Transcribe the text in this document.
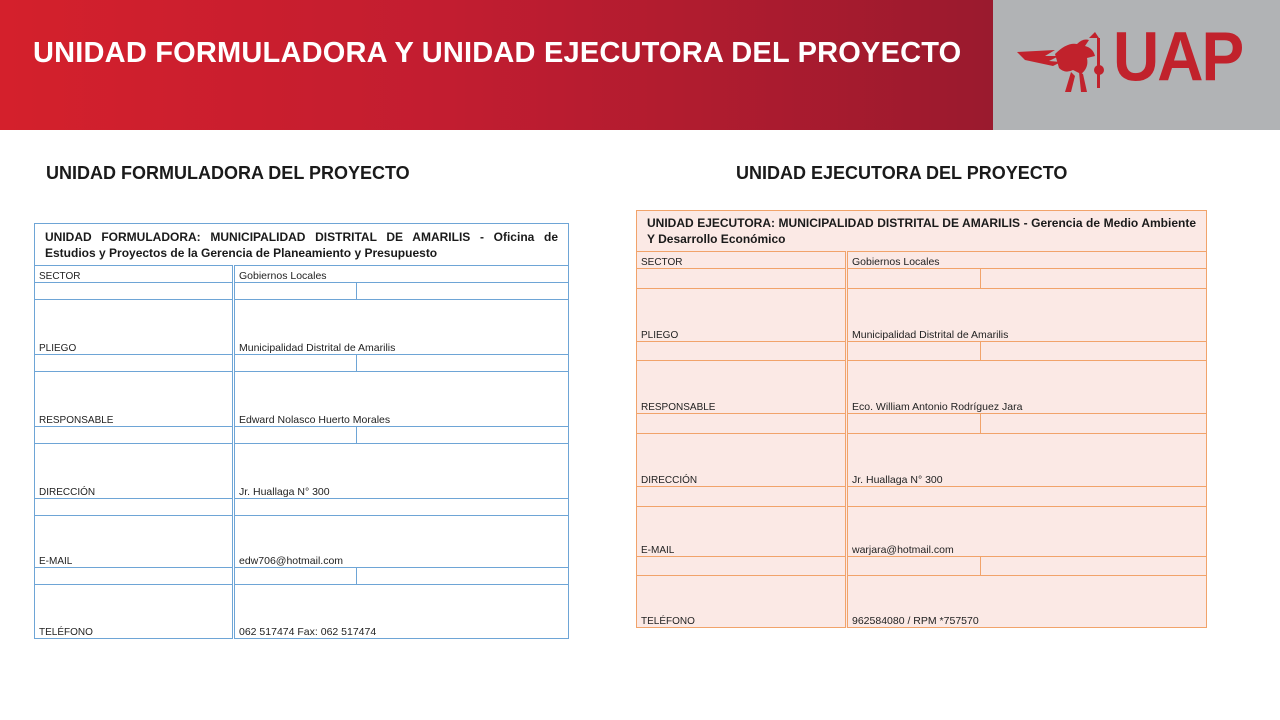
UAP
UNIDAD FORMULADORA Y UNIDAD EJECUTORA DEL PROYECTO
UNIDAD FORMULADORA DEL PROYECTO	UNIDAD EJECUTORA DEL PROYECTO
UNIDAD FORMULADORA: MUNICIPALIDAD DISTRITAL DE AMARILIS - Oficina de Estudios y Proyectos de la Gerencia de Planeamiento y Presupuesto		
SECTOR	Gobiernos Locales	

PLIEGO	Municipalidad Distrital de Amarilis	

RESPONSABLE	Edward Nolasco Huerto Morales	

DIRECCIÓN	Jr. Huallaga N° 300	

E-MAIL	edw706@hotmail.com	

TELÉFONO	062 517474 Fax: 062 517474	
UNIDAD EJECUTORA: MUNICIPALIDAD DISTRITAL DE AMARILIS - Gerencia de Medio Ambiente Y Desarrollo Económico		
SECTOR	Gobiernos Locales	

PLIEGO	Municipalidad Distrital de Amarilis	

RESPONSABLE	Eco. William Antonio Rodríguez Jara	

DIRECCIÓN	Jr. Huallaga N° 300	

E-MAIL	warjara@hotmail.com	

TELÉFONO	962584080 / RPM *757570	
